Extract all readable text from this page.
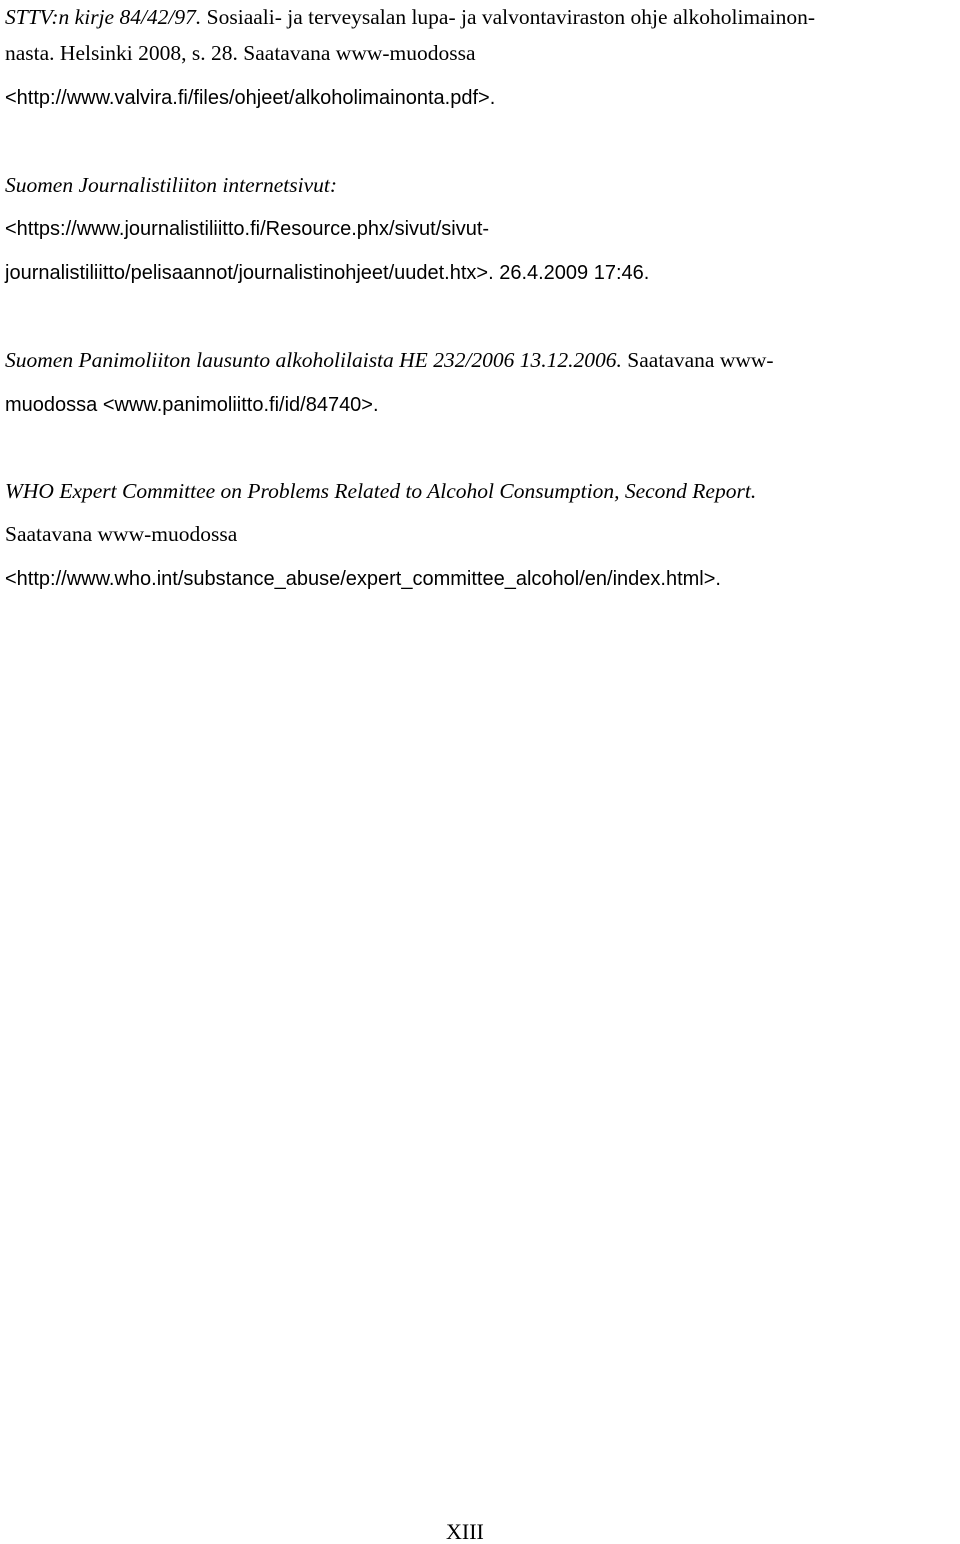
STTV:n kirje 84/42/97. Sosiaali- ja terveysalan lupa- ja valvontaviraston ohje alkoholimainon-
nasta. Helsinki 2008, s. 28. Saatavana www-muodossa
<http://www.valvira.fi/files/ohjeet/alkoholimainonta.pdf>.
Suomen Journalistiliiton internetsivut:
<https://www.journalistiliitto.fi/Resource.phx/sivut/sivut-
journalistiliitto/pelisaannot/journalistinohjeet/uudet.htx>. 26.4.2009 17:46.
Suomen Panimoliiton lausunto alkoholilaista HE 232/2006 13.12.2006. Saatavana www-
muodossa <www.panimoliitto.fi/id/84740>.
WHO Expert Committee on Problems Related to Alcohol Consumption, Second Report.
Saatavana www-muodossa
<http://www.who.int/substance_abuse/expert_committee_alcohol/en/index.html>.
XIII
